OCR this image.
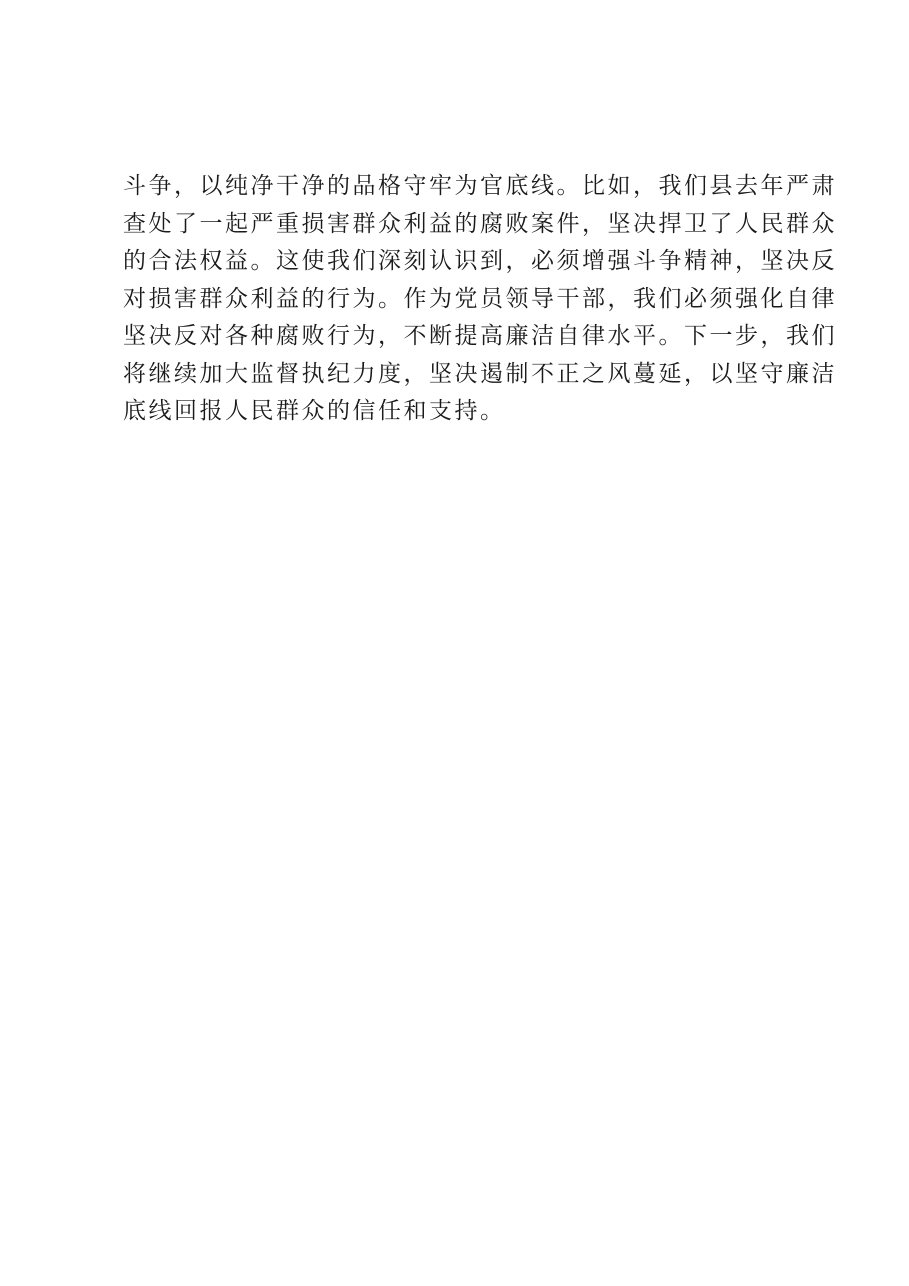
斗争，以纯净干净的品格守牢为官底线。比如，我们县去年严肃
查处了一起严重损害群众利益的腐败案件，坚决捍卫了人民群众
的合法权益。这使我们深刻认识到，必须增强斗争精神，坚决反
对损害群众利益的行为。作为党员领导干部，我们必须强化自律
坚决反对各种腐败行为，不断提高廉洁自律水平。下一步，我们
将继续加大监督执纪力度，坚决遏制不正之风蔓延，以坚守廉洁
底线回报人民群众的信任和支持。
